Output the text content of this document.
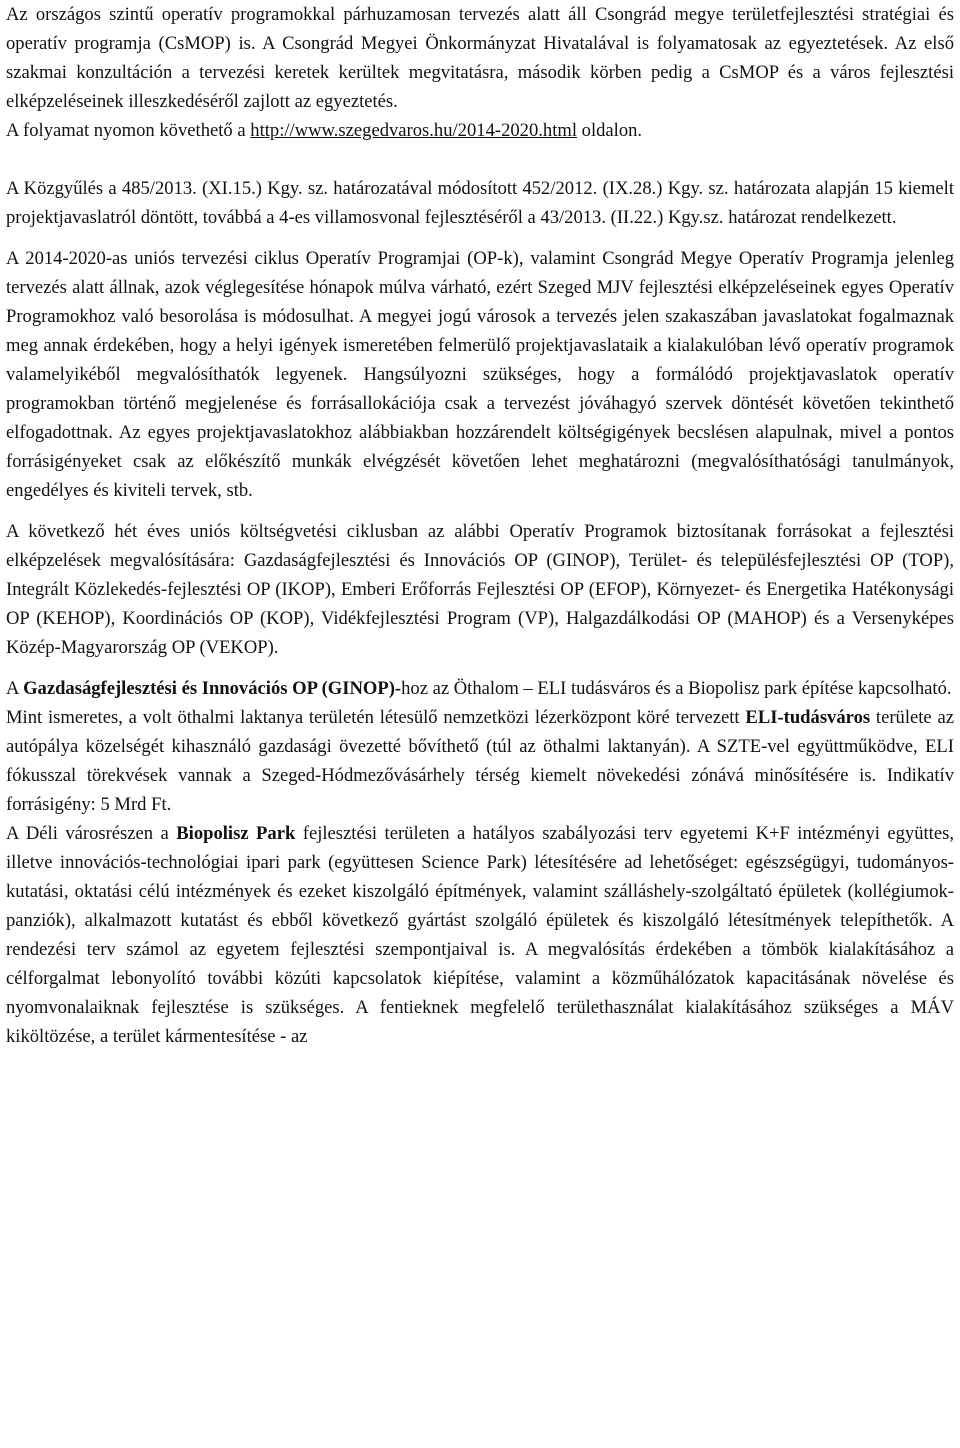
Az országos szintű operatív programokkal párhuzamosan tervezés alatt áll Csongrád megye területfejlesztési stratégiai és operatív programja (CsMOP) is. A Csongrád Megyei Önkormányzat Hivatalával is folyamatosak az egyeztetések. Az első szakmai konzultáción a tervezési keretek kerültek megvitatásra, második körben pedig a CsMOP és a város fejlesztési elképzeléseinek illeszkedéséről zajlott az egyeztetés.

A folyamat nyomon követhető a http://www.szegedvaros.hu/2014-2020.html oldalon.

A Közgyűlés a 485/2013. (XI.15.) Kgy. sz. határozatával módosított 452/2012. (IX.28.) Kgy. sz. határozata alapján 15 kiemelt projektjavaslatról döntött, továbbá a 4-es villamosvonal fejlesztéséről a 43/2013. (II.22.) Kgy.sz. határozat rendelkezett.

A 2014-2020-as uniós tervezési ciklus Operatív Programjai (OP-k), valamint Csongrád Megye Operatív Programja jelenleg tervezés alatt állnak, azok véglegesítése hónapok múlva várható, ezért Szeged MJV fejlesztési elképzeléseinek egyes Operatív Programokhoz való besorolása is módosulhat. A megyei jogú városok a tervezés jelen szakaszában javaslatokat fogalmaznak meg annak érdekében, hogy a helyi igények ismeretében felmerülő projektjavaslataik a kialakulóban lévő operatív programok valamelyikéből megvalósíthatók legyenek. Hangsúlyozni szükséges, hogy a formálódó projektjavaslatok operatív programokban történő megjelenése és forrásallokációja csak a tervezést jóváhagyó szervek döntését követően tekinthető elfogadottnak. Az egyes projektjavaslatokhoz alábbiakban hozzárendelt költségigények becslésen alapulnak, mivel a pontos forrásigényeket csak az előkészítő munkák elvégzését követően lehet meghatározni (megvalósíthatósági tanulmányok, engedélyes és kiviteli tervek, stb.

A következő hét éves uniós költségvetési ciklusban az alábbi Operatív Programok biztosítanak forrásokat a fejlesztési elképzelések megvalósítására: Gazdaságfejlesztési és Innovációs OP (GINOP), Terület- és településfejlesztési OP (TOP), Integrált Közlekedés-fejlesztési OP (IKOP), Emberi Erőforrás Fejlesztési OP (EFOP), Környezet- és Energetika Hatékonysági OP (KEHOP), Koordinációs OP (KOP), Vidékfejlesztési Program (VP), Halgazdálkodási OP (MAHOP) és a Versenyképes Közép-Magyarország OP (VEKOP).

A Gazdaságfejlesztési és Innovációs OP (GINOP)-hoz az Öthalom – ELI tudásváros és a Biopolisz park építése kapcsolható.

Mint ismeretes, a volt öthalmi laktanya területén létesülő nemzetközi lézerközpont köré tervezett ELI-tudásváros területe az autópálya közelségét kihasználó gazdasági övezetté bővíthető (túl az öthalmi laktanyán). A SZTE-vel együttműködve, ELI fókusszal törekvések vannak a Szeged-Hódmezővásárhely térség kiemelt növekedési zónává minősítésére is. Indikatív forrásigény: 5 Mrd Ft.

A Déli városrészen a Biopolisz Park fejlesztési területen a hatályos szabályozási terv egyetemi K+F intézményi együttes, illetve innovációs-technológiai ipari park (együttesen Science Park) létesítésére ad lehetőséget: egészségügyi, tudományos-kutatási, oktatási célú intézmények és ezeket kiszolgáló építmények, valamint szálláshely-szolgáltató épületek (kollégiumok-panziók), alkalmazott kutatást és ebből következő gyártást szolgáló épületek és kiszolgáló létesítmények telepíthetők. A rendezési terv számol az egyetem fejlesztési szempontjaival is. A megvalósítás érdekében a tömbök kialakításához a célforgalmat lebonyolító további közúti kapcsolatok kiépítése, valamint a közműhálózatok kapacitásának növelése és nyomvonalaiknak fejlesztése is szükséges. A fentieknek megfelelő területhasználat kialakításához szükséges a MÁV kiköltözése, a terület kármentesítése - az
